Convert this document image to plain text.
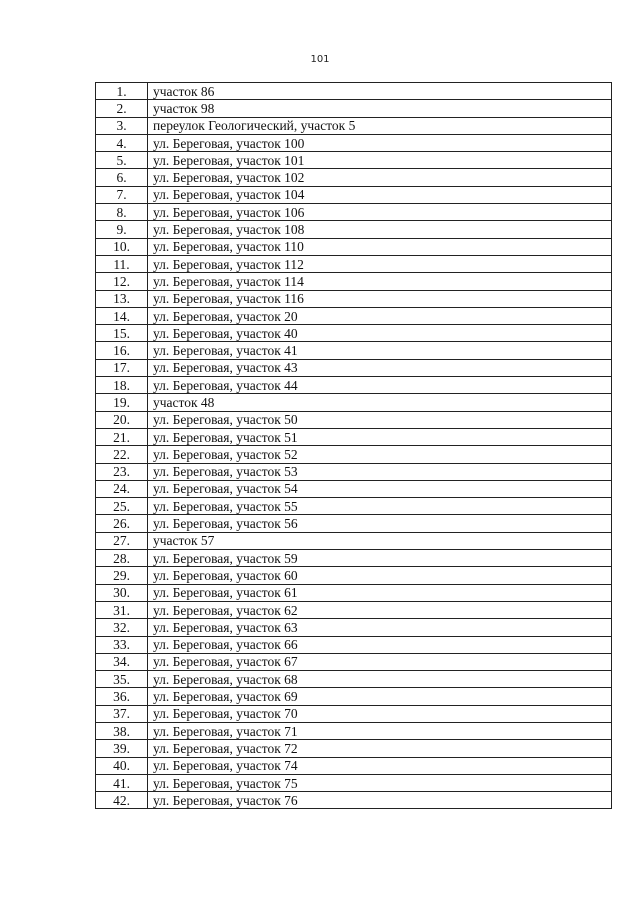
101
1.	участок 86
2.	участок 98
3.	переулок Геологический, участок 5
4.	ул. Береговая, участок 100
5.	ул. Береговая, участок 101
6.	ул. Береговая, участок 102
7.	ул. Береговая, участок 104
8.	ул. Береговая, участок 106
9.	ул. Береговая, участок 108
10.	ул. Береговая, участок 110
11.	ул. Береговая, участок 112
12.	ул. Береговая, участок 114
13.	ул. Береговая, участок 116
14.	ул. Береговая, участок 20
15.	ул. Береговая, участок 40
16.	ул. Береговая, участок 41
17.	ул. Береговая, участок 43
18.	ул. Береговая, участок 44
19.	участок 48
20.	ул. Береговая, участок 50
21.	ул. Береговая, участок 51
22.	ул. Береговая, участок 52
23.	ул. Береговая, участок 53
24.	ул. Береговая, участок 54
25.	ул. Береговая, участок 55
26.	ул. Береговая, участок 56
27.	участок 57
28.	ул. Береговая, участок 59
29.	ул. Береговая, участок 60
30.	ул. Береговая, участок 61
31.	ул. Береговая, участок 62
32.	ул. Береговая, участок 63
33.	ул. Береговая, участок 66
34.	ул. Береговая, участок 67
35.	ул. Береговая, участок 68
36.	ул. Береговая, участок 69
37.	ул. Береговая, участок 70
38.	ул. Береговая, участок 71
39.	ул. Береговая, участок 72
40.	ул. Береговая, участок 74
41.	ул. Береговая, участок 75
42.	ул. Береговая, участок 76
